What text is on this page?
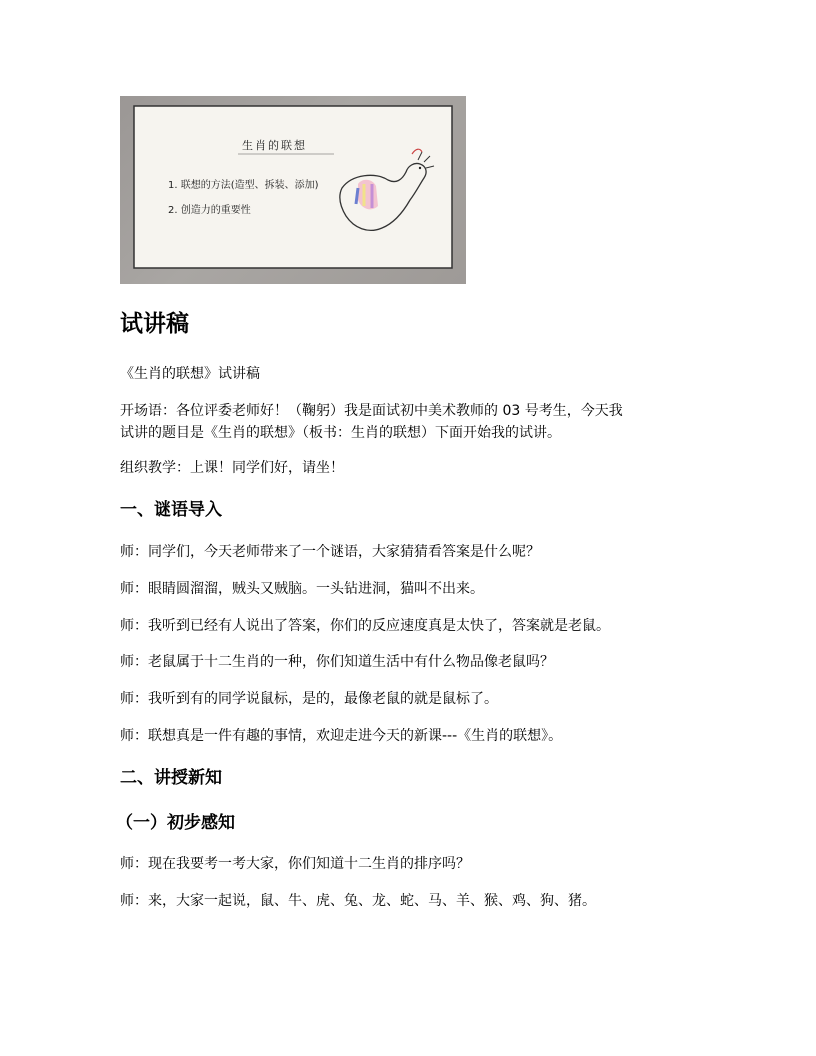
生肖的联想
1. 联想的方法(造型、拆装、添加)
2. 创造力的重要性
试讲稿

《生肖的联想》试讲稿

开场语：各位评委老师好！（鞠躬）我是面试初中美术教师的 03 号考生，今天我

试讲的题目是《生肖的联想》（板书：生肖的联想）下面开始我的试讲。

组织教学：上课！同学们好，请坐！

一、谜语导入

师：同学们，今天老师带来了一个谜语，大家猜猜看答案是什么呢？

师：眼睛圆溜溜，贼头又贼脑。一头钻进洞，猫叫不出来。

师：我听到已经有人说出了答案，你们的反应速度真是太快了，答案就是老鼠。

师：老鼠属于十二生肖的一种，你们知道生活中有什么物品像老鼠吗？

师：我听到有的同学说鼠标，是的，最像老鼠的就是鼠标了。

师：联想真是一件有趣的事情，欢迎走进今天的新课---《生肖的联想》。

二、讲授新知
（一）初步感知

师：现在我要考一考大家，你们知道十二生肖的排序吗？

师：来，大家一起说，鼠、牛、虎、兔、龙、蛇、马、羊、猴、鸡、狗、猪。
